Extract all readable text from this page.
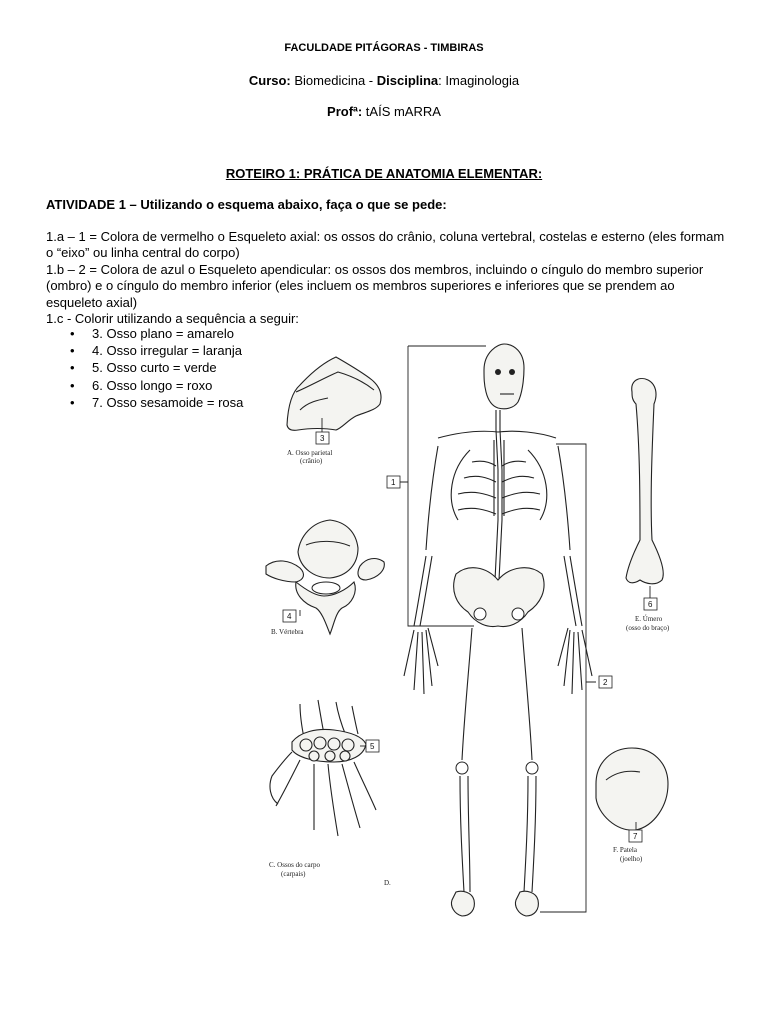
FACULDADE PITÁGORAS - TIMBIRAS
Curso: Biomedicina - Disciplina: Imaginologia
Profª: tAÍS mARRA
ROTEIRO 1: PRÁTICA DE ANATOMIA ELEMENTAR:
ATIVIDADE 1 – Utilizando o esquema abaixo, faça o que se pede:
1.a – 1 = Colora de vermelho o Esqueleto axial: os ossos do crânio, coluna vertebral, costelas e esterno (eles formam o “eixo” ou linha central do corpo)
1.b – 2 = Colora de azul o Esqueleto apendicular: os ossos dos membros, incluindo o cíngulo do membro superior (ombro) e o cíngulo do membro inferior (eles incluem os membros superiores e inferiores que se prendem ao esqueleto axial)
1.c - Colorir utilizando a sequência a seguir:
• 3. Osso plano = amarelo
• 4. Osso irregular = laranja
• 5. Osso curto = verde
• 6. Osso longo = roxo
• 7. Osso sesamoide = rosa
3
A. Osso parietal
(crânio)
4
B. Vértebra
5
C. Ossos do carpo
(carpais)
D.
1
2
6
E. Úmero
(osso do braço)
7
F. Patela
(joelho)
